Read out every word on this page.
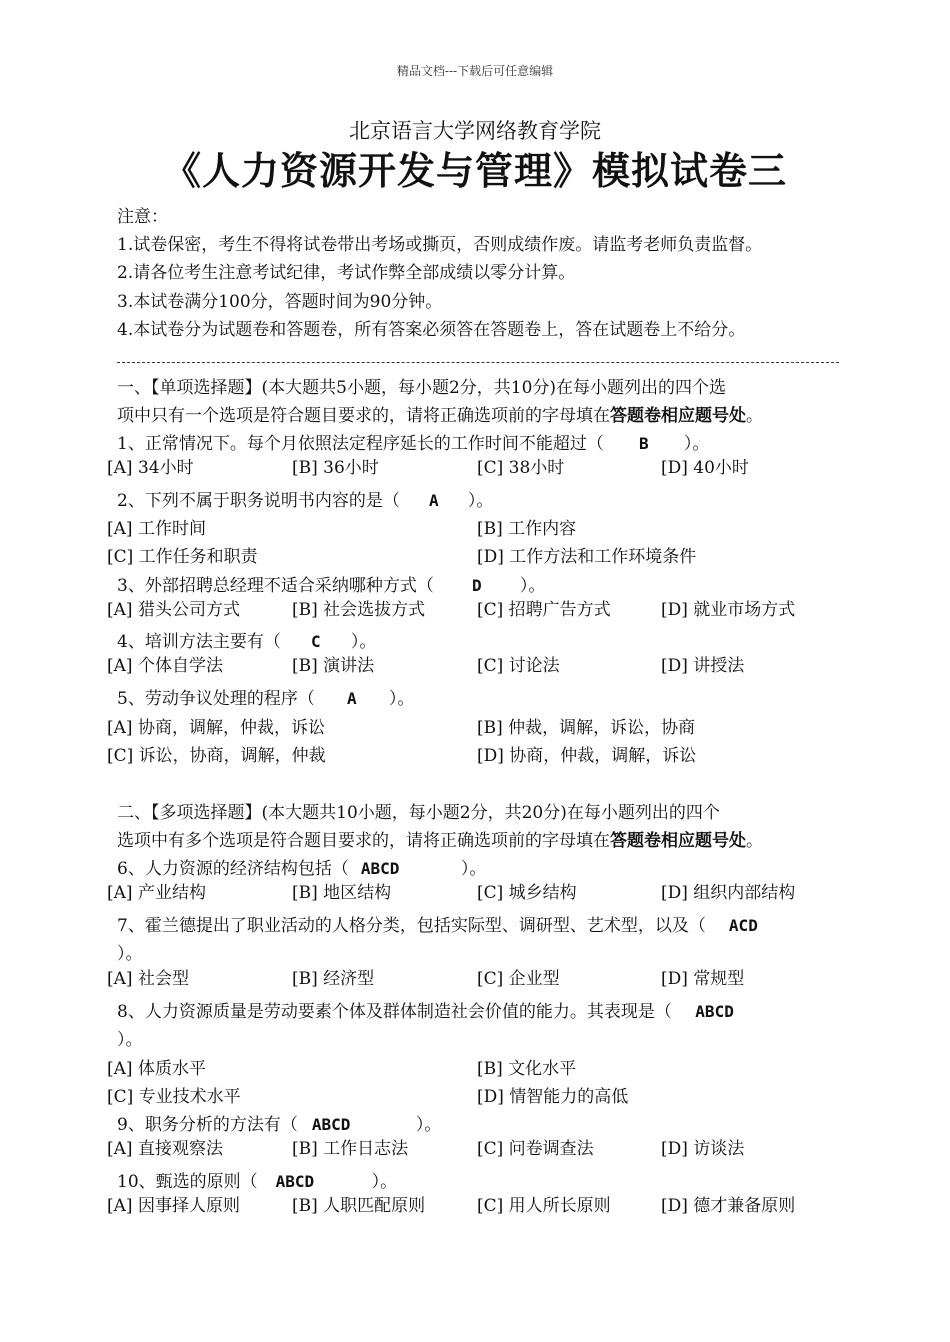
精品文档---下载后可任意编辑
北京语言大学网络教育学院
《人力资源开发与管理》模拟试卷三
注意：
1.试卷保密，考生不得将试卷带出考场或撕页，否则成绩作废。请监考老师负责监督。
2.请各位考生注意考试纪律，考试作弊全部成绩以零分计算。
3.本试卷满分100分，答题时间为90分钟。
4.本试卷分为试题卷和答题卷，所有答案必须答在答题卷上，答在试题卷上不给分。
一、【单项选择题】(本大题共5小题，每小题2分，共10分)在每小题列出的四个选
项中只有一个选项是符合题目要求的，请将正确选项前的字母填在答题卷相应题号处。
1、正常情况下。每个月依照法定程序延长的工作时间不能超过（ B ）。
[A] 34小时	[B] 36小时	[C] 38小时	[D] 40小时
2、下列不属于职务说明书内容的是（ A ）。
[A] 工作时间	[B] 工作内容
[C] 工作任务和职责	[D] 工作方法和工作环境条件
3、外部招聘总经理不适合采纳哪种方式（ D ）。
[A] 猎头公司方式	[B] 社会选拔方式	[C] 招聘广告方式	[D] 就业市场方式
4、培训方法主要有（ C ）。
[A] 个体自学法	[B] 演讲法	[C] 讨论法	[D] 讲授法
5、劳动争议处理的程序（ A ）。
[A] 协商，调解，仲裁，诉讼	[B] 仲裁，调解，诉讼，协商
[C] 诉讼，协商，调解，仲裁	[D] 协商，仲裁，调解，诉讼
二、【多项选择题】(本大题共10小题，每小题2分，共20分)在每小题列出的四个
选项中有多个选项是符合题目要求的，请将正确选项前的字母填在答题卷相应题号处。
6、人力资源的经济结构包括（ ABCD	）。
[A] 产业结构	[B] 地区结构	[C] 城乡结构	[D] 组织内部结构
7、霍兰德提出了职业活动的人格分类，包括实际型、调研型、艺术型，以及（ ACD
）。
[A] 社会型	[B] 经济型	[C] 企业型	[D] 常规型
8、人力资源质量是劳动要素个体及群体制造社会价值的能力。其表现是（ ABCD
）。
[A] 体质水平	[B] 文化水平
[C] 专业技术水平	[D] 情智能力的高低
9、职务分析的方法有（ ABCD	）。
[A] 直接观察法	[B] 工作日志法	[C] 问卷调查法	[D] 访谈法
10、甄选的原则（ ABCD	）。
[A] 因事择人原则	[B] 人职匹配原则	[C] 用人所长原则	[D] 德才兼备原则
